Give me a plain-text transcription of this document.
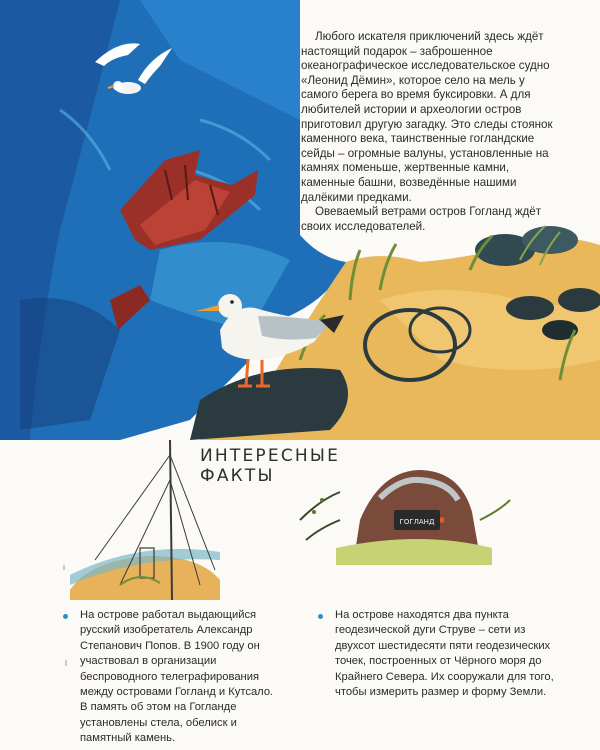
ГОГЛАНД

Любого искателя приключений здесь ждёт настоящий подарок – заброшенное океанографическое исследовательское судно «Леонид Дёмин», которое село на мель у самого берега во время буксировки. А для любителей истории и археологии остров приготовил другую загадку. Это следы стоянок каменного века, таинственные гогландские сейды – огромные валуны, установленные на камнях поменьше, жертвенные камни, каменные башни, возведённые нашими далёкими предками.

Овеваемый ветрами остров Гогланд ждёт своих исследователей.

ИНТЕРЕСНЫЕ ФАКТЫ
На острове работал выдающийся русский изобретатель Александр Степанович Попов. В 1900 году он участвовал в организации беспроводного телеграфирования между островами Гогланд и Кутсало. В память об этом на Гогланде установлены стела, обелиск и памятный камень.
На острове находятся два пункта геодезической дуги Струве – сети из двухсот шестидесяти пяти геодезических точек, построенных от Чёрного моря до Крайнего Севера. Их сооружали для того, чтобы измерить размер и форму Земли.
